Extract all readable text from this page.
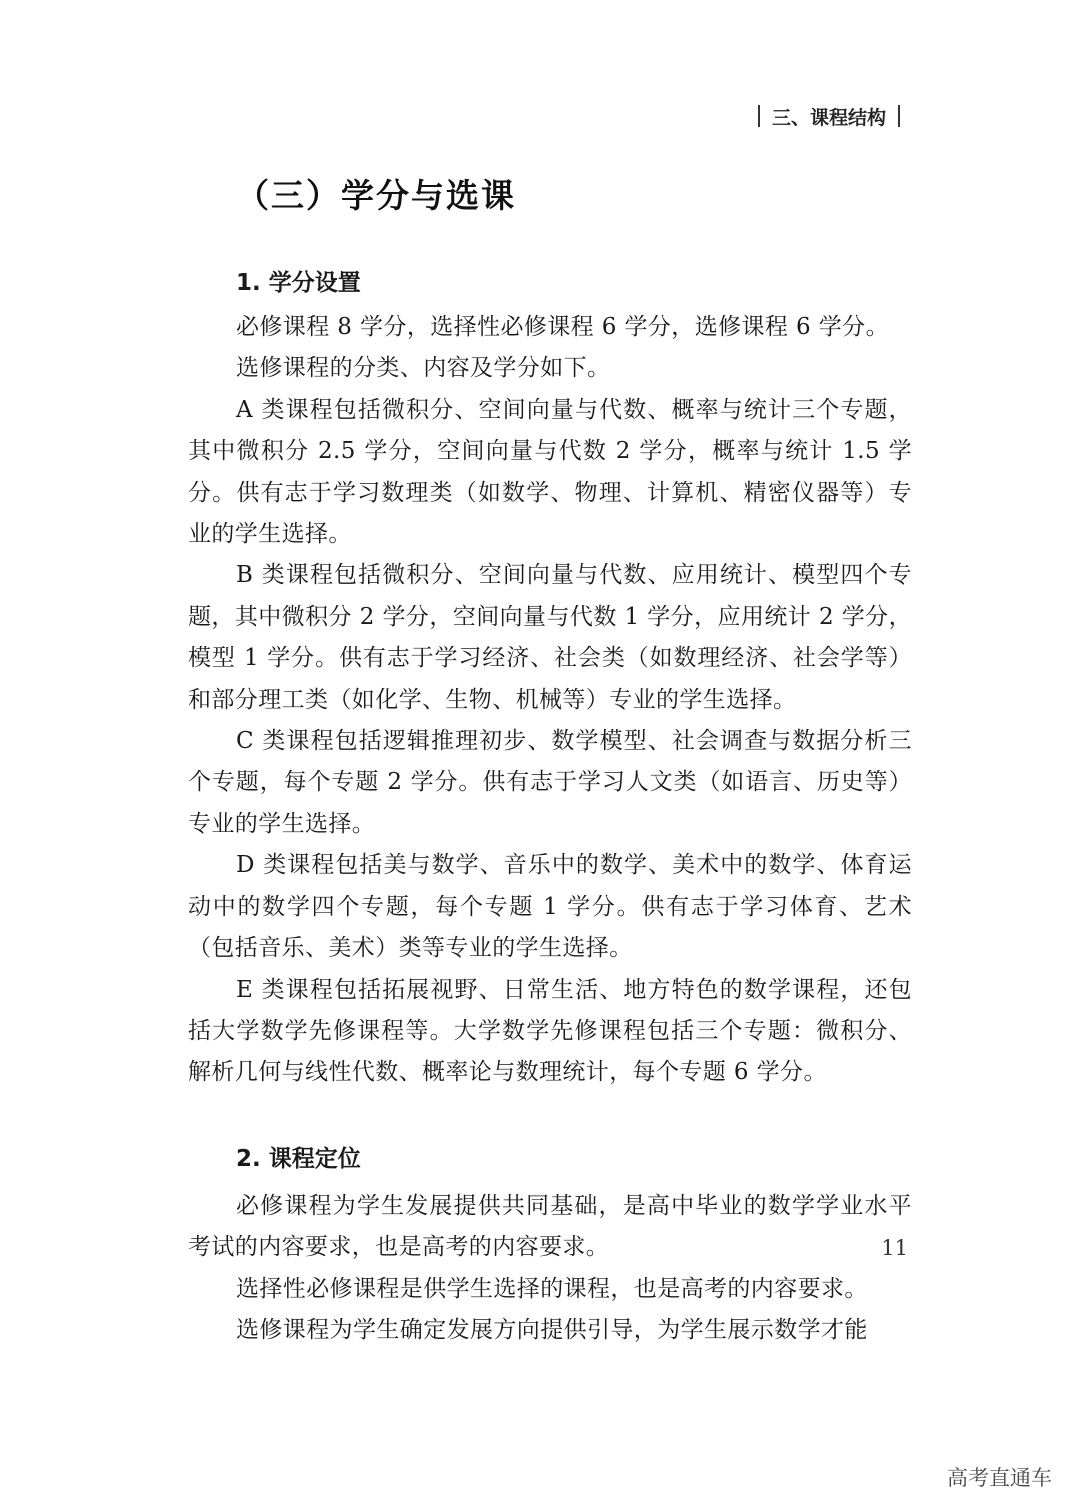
三、课程结构
（三）学分与选课
1. 学分设置

必修课程 8 学分，选择性必修课程 6 学分，选修课程 6 学分。

选修课程的分类、内容及学分如下。

A 类课程包括微积分、空间向量与代数、概率与统计三个专题，其中微积分 2.5 学分，空间向量与代数 2 学分，概率与统计 1.5 学分。供有志于学习数理类（如数学、物理、计算机、精密仪器等）专业的学生选择。

B 类课程包括微积分、空间向量与代数、应用统计、模型四个专题，其中微积分 2 学分，空间向量与代数 1 学分，应用统计 2 学分，模型 1 学分。供有志于学习经济、社会类（如数理经济、社会学等）和部分理工类（如化学、生物、机械等）专业的学生选择。

C 类课程包括逻辑推理初步、数学模型、社会调查与数据分析三个专题，每个专题 2 学分。供有志于学习人文类（如语言、历史等）专业的学生选择。

D 类课程包括美与数学、音乐中的数学、美术中的数学、体育运动中的数学四个专题，每个专题 1 学分。供有志于学习体育、艺术（包括音乐、美术）类等专业的学生选择。

E 类课程包括拓展视野、日常生活、地方特色的数学课程，还包括大学数学先修课程等。大学数学先修课程包括三个专题：微积分、解析几何与线性代数、概率论与数理统计，每个专题 6 学分。

2. 课程定位

必修课程为学生发展提供共同基础，是高中毕业的数学学业水平考试的内容要求，也是高考的内容要求。

选择性必修课程是供学生选择的课程，也是高考的内容要求。

选修课程为学生确定发展方向提供引导，为学生展示数学才能

11
高考直通车
